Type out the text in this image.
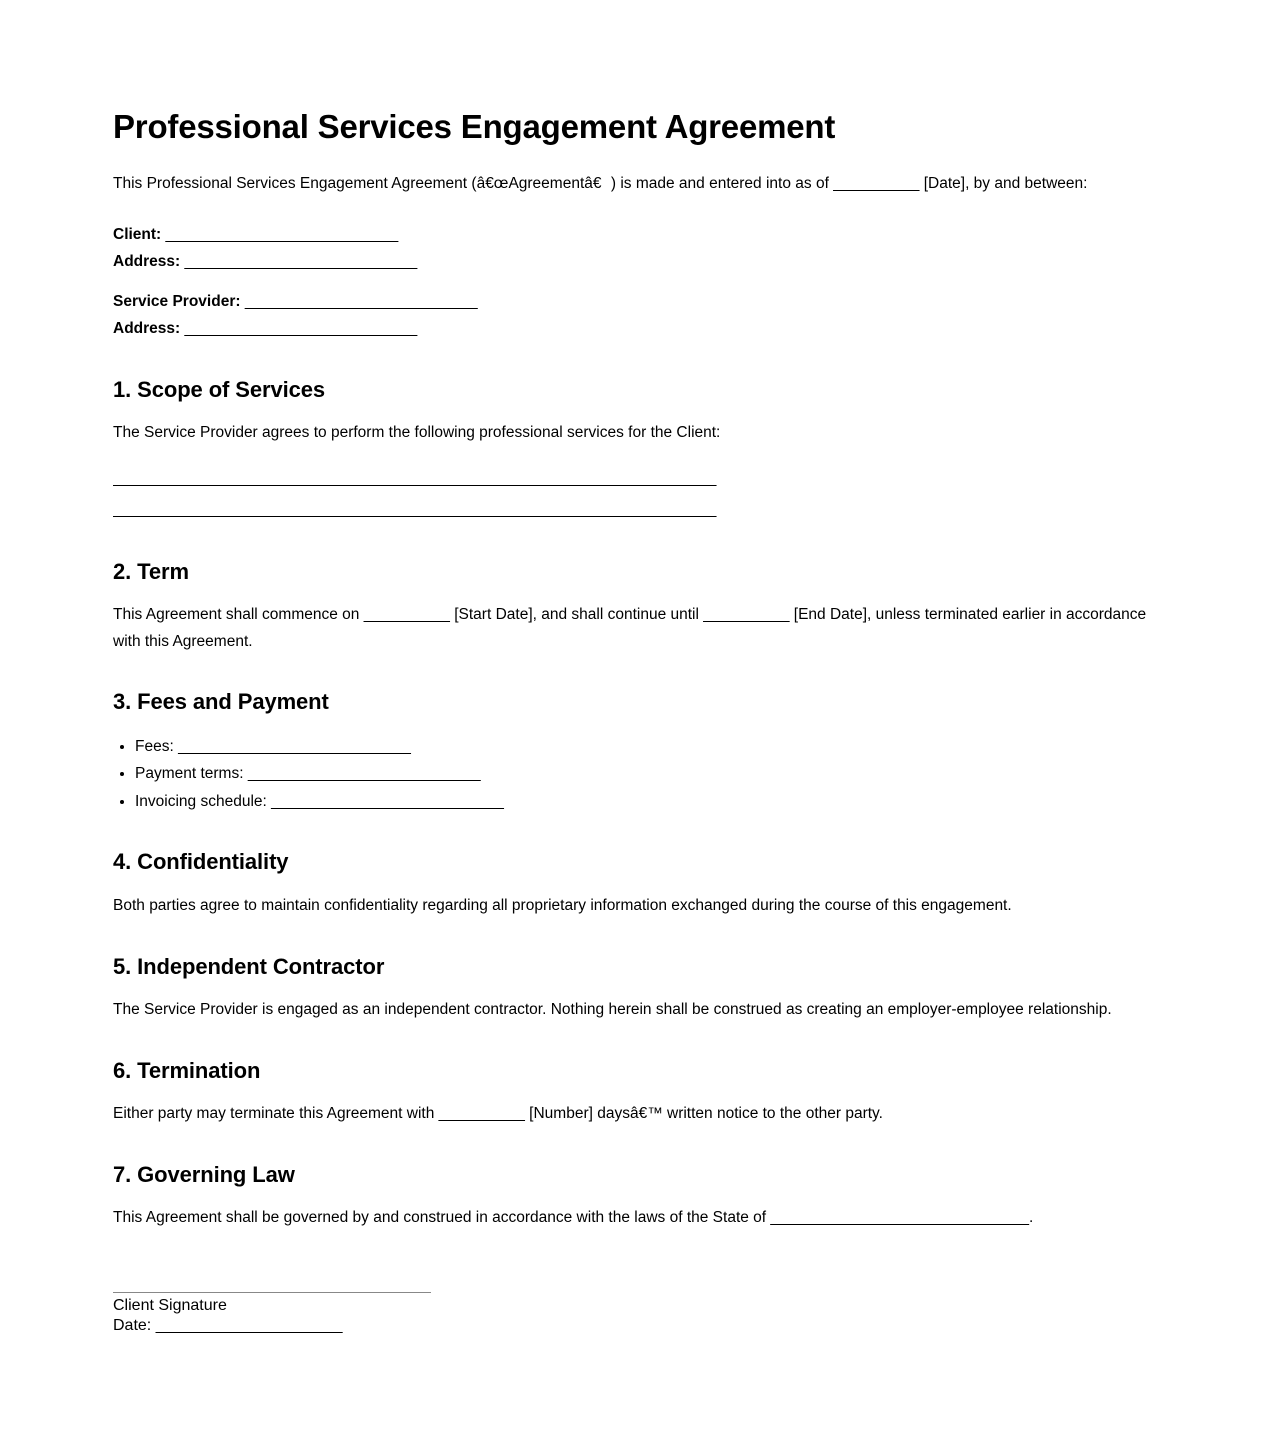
Professional Services Engagement Agreement

This Professional Services Engagement Agreement (â€œAgreementâ€) is made and entered into as of __________ [Date], by and between:

Client: ___________________________

Address: ___________________________

Service Provider: ___________________________

Address: ___________________________

1. Scope of Services

The Service Provider agrees to perform the following professional services for the Client:

______________________________________________________________________
______________________________________________________________________
2. Term

This Agreement shall commence on __________ [Start Date], and shall continue until __________ [End Date], unless terminated earlier in accordance with this Agreement.

3. Fees and Payment
• Fees: ___________________________
• Payment terms: ___________________________
• Invoicing schedule: ___________________________
4. Confidentiality

Both parties agree to maintain confidentiality regarding all proprietary information exchanged during the course of this engagement.

5. Independent Contractor

The Service Provider is engaged as an independent contractor. Nothing herein shall be construed as creating an employer-employee relationship.

6. Termination

Either party may terminate this Agreement with __________ [Number] daysâ€™ written notice to the other party.

7. Governing Law

This Agreement shall be governed by and construed in accordance with the laws of the State of ______________________________.

Client Signature

Date: _____________________
